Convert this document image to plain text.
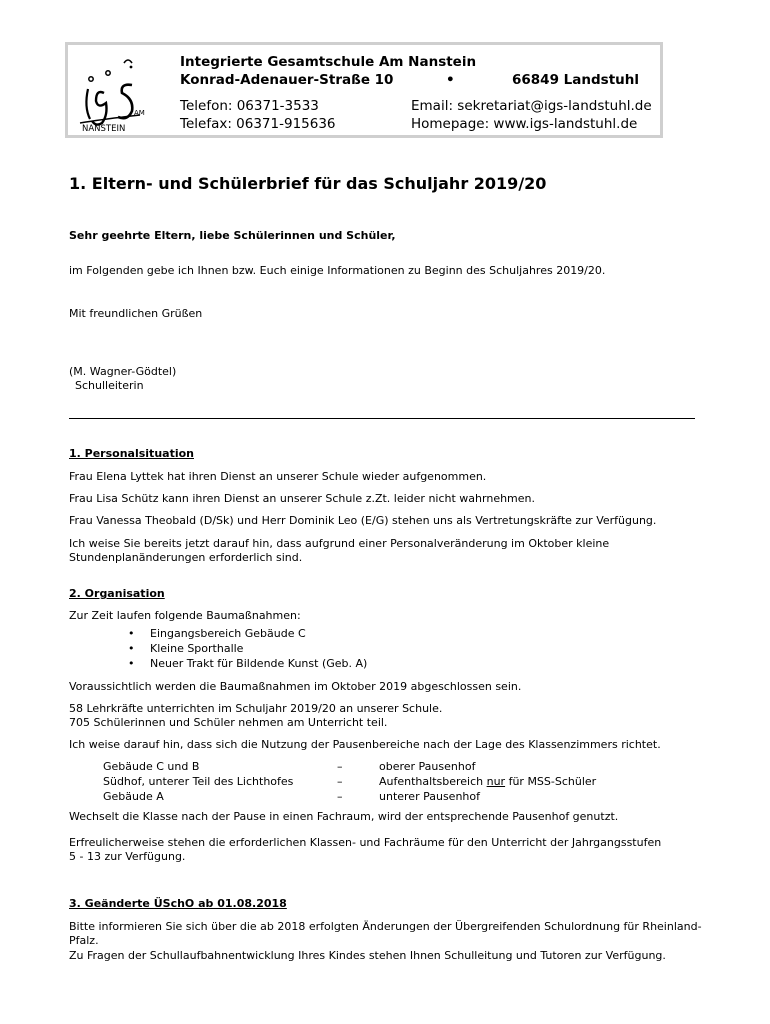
AM
NANSTEIN
Integrierte Gesamtschule Am Nanstein
Konrad-Adenauer-Straße 10	•	66849 Landstuhl
Telefon: 06371-3533
Telefax: 06371-915636
Email: sekretariat@igs-landstuhl.de
Homepage: www.igs-landstuhl.de
1. Eltern- und Schülerbrief für das Schuljahr 2019/20
Sehr geehrte Eltern, liebe Schülerinnen und Schüler,
im Folgenden gebe ich Ihnen bzw. Euch einige Informationen zu Beginn des Schuljahres 2019/20.
Mit freundlichen Grüßen
(M. Wagner-Gödtel)
Schulleiterin
1. Personalsituation
Frau Elena Lyttek hat ihren Dienst an unserer Schule wieder aufgenommen.
Frau Lisa Schütz kann ihren Dienst an unserer Schule z.Zt. leider nicht wahrnehmen.
Frau Vanessa Theobald (D/Sk) und Herr Dominik Leo (E/G) stehen uns als Vertretungskräfte zur Verfügung.
Ich weise Sie bereits jetzt darauf hin, dass aufgrund einer Personalveränderung im Oktober kleine
Stundenplanänderungen erforderlich sind.
2. Organisation
Zur Zeit laufen folgende Baumaßnahmen:
• Eingangsbereich Gebäude C
• Kleine Sporthalle
• Neuer Trakt für Bildende Kunst (Geb. A)
Voraussichtlich werden die Baumaßnahmen im Oktober 2019 abgeschlossen sein.
58 Lehrkräfte unterrichten im Schuljahr 2019/20 an unserer Schule.
705 Schülerinnen und Schüler nehmen am Unterricht teil.
Ich weise darauf hin, dass sich die Nutzung der Pausenbereiche nach der Lage des Klassenzimmers richtet.
Gebäude C und B	–	oberer Pausenhof
Südhof, unterer Teil des Lichthofes	–	Aufenthaltsbereich nur für MSS-Schüler
Gebäude A	–	unterer Pausenhof
Wechselt die Klasse nach der Pause in einen Fachraum, wird der entsprechende Pausenhof genutzt.
Erfreulicherweise stehen die erforderlichen Klassen- und Fachräume für den Unterricht der Jahrgangsstufen
5 - 13 zur Verfügung.
3. Geänderte ÜSchO ab 01.08.2018
Bitte informieren Sie sich über die ab 2018 erfolgten Änderungen der Übergreifenden Schulordnung für Rheinland-
Pfalz.
Zu Fragen der Schullaufbahnentwicklung Ihres Kindes stehen Ihnen Schulleitung und Tutoren zur Verfügung.
